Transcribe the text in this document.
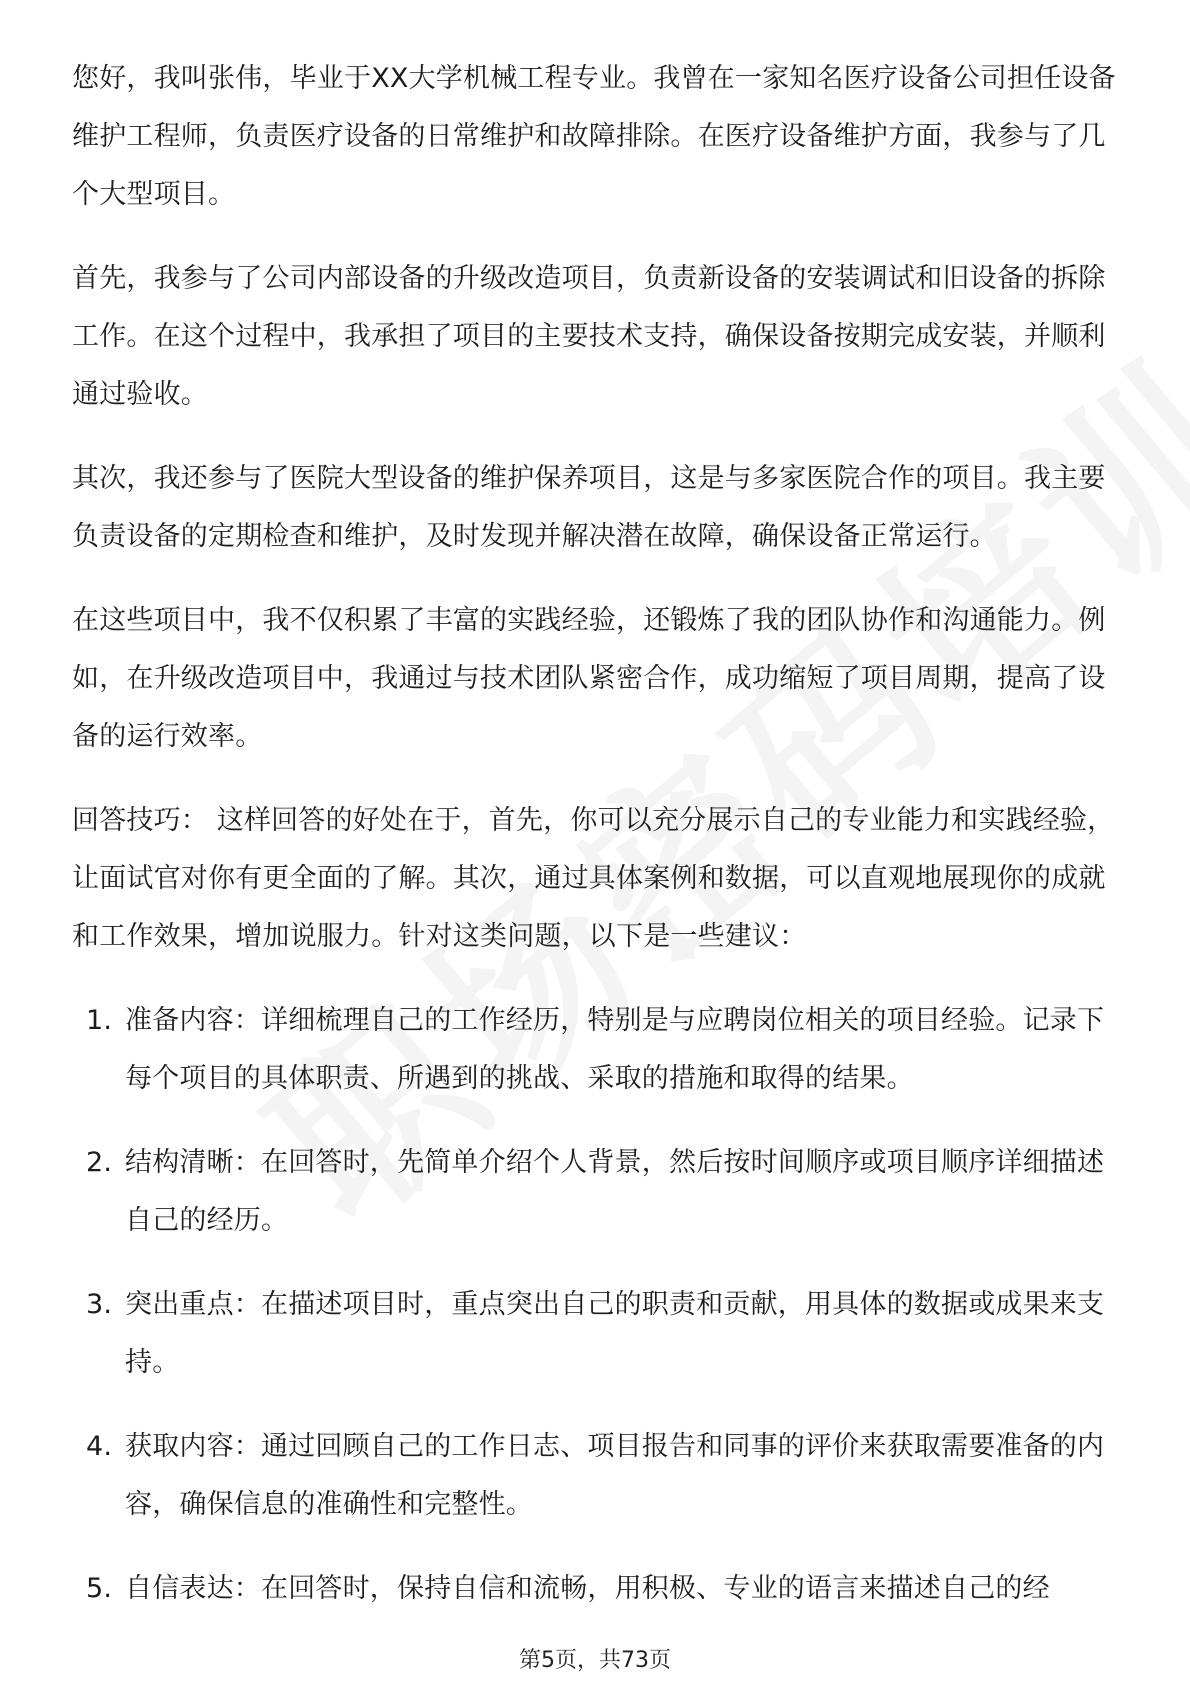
您好，我叫张伟，毕业于XX大学机械工程专业。我曾在一家知名医疗设备公司担任设备维护工程师，负责医疗设备的日常维护和故障排除。在医疗设备维护方面，我参与了几个大型项目。

首先，我参与了公司内部设备的升级改造项目，负责新设备的安装调试和旧设备的拆除工作。在这个过程中，我承担了项目的主要技术支持，确保设备按期完成安装，并顺利通过验收。

其次，我还参与了医院大型设备的维护保养项目，这是与多家医院合作的项目。我主要负责设备的定期检查和维护，及时发现并解决潜在故障，确保设备正常运行。

在这些项目中，我不仅积累了丰富的实践经验，还锻炼了我的团队协作和沟通能力。例如，在升级改造项目中，我通过与技术团队紧密合作，成功缩短了项目周期，提高了设备的运行效率。

回答技巧： 这样回答的好处在于，首先，你可以充分展示自己的专业能力和实践经验，让面试官对你有更全面的了解。其次，通过具体案例和数据，可以直观地展现你的成就和工作效果，增加说服力。针对这类问题，以下是一些建议：

1. 准备内容：详细梳理自己的工作经历，特别是与应聘岗位相关的项目经验。记录下每个项目的具体职责、所遇到的挑战、采取的措施和取得的结果。
2. 结构清晰：在回答时，先简单介绍个人背景，然后按时间顺序或项目顺序详细描述自己的经历。
3. 突出重点：在描述项目时，重点突出自己的职责和贡献，用具体的数据或成果来支持。
4. 获取内容：通过回顾自己的工作日志、项目报告和同事的评价来获取需要准备的内容，确保信息的准确性和完整性。
5. 自信表达：在回答时，保持自信和流畅，用积极、专业的语言来描述自己的经
第5页，共73页
